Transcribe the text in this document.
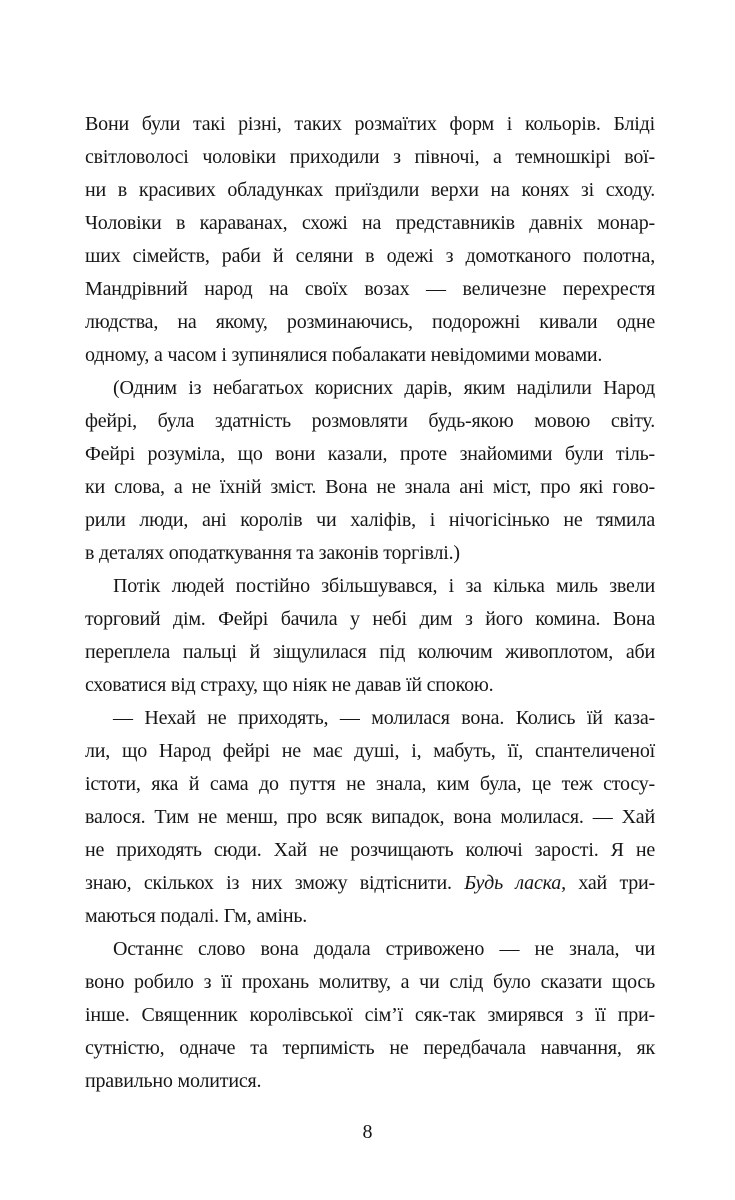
Вони були такі різні, таких розмаїтих форм і кольорів. Бліді
світловолосі чоловіки приходили з півночі, а темношкірі вої-
ни в красивих обладунках приїздили верхи на конях зі сходу.
Чоловіки в караванах, схожі на представників давніх монар-
ших сімейств, раби й селяни в одежі з домотканого полотна,
Мандрівний народ на своїх возах — величезне перехрестя
людства, на якому, розминаючись, подорожні кивали одне
одному, а часом і зупинялися побалакати невідомими мовами.
(Одним із небагатьох корисних дарів, яким наділили Народ
фейрі, була здатність розмовляти будь-якою мовою світу.
Фейрі розуміла, що вони казали, проте знайомими були тіль-
ки слова, а не їхній зміст. Вона не знала ані міст, про які гово-
рили люди, ані королів чи халіфів, і нічогісінько не тямила
в деталях оподаткування та законів торгівлі.)
Потік людей постійно збільшувався, і за кілька миль звели
торговий дім. Фейрі бачила у небі дим з його комина. Вона
переплела пальці й зіщулилася під колючим живоплотом, аби
сховатися від страху, що ніяк не давав їй спокою.
— Нехай не приходять, — молилася вона. Колись їй каза-
ли, що Народ фейрі не має душі, і, мабуть, її, спантеличеної
істоти, яка й сама до пуття не знала, ким була, це теж стосу-
валося. Тим не менш, про всяк випадок, вона молилася. — Хай
не приходять сюди. Хай не розчищають колючі зарості. Я не
знаю, скількох із них зможу відтіснити. Будь ласка, хай три-
маються подалі. Гм, амінь.
Останнє слово вона додала стривожено — не знала, чи
воно робило з її прохань молитву, а чи слід було сказати щось
інше. Священник королівської сім’ї сяк-так змирявся з її при-
сутністю, одначе та терпимість не передбачала навчання, як
правильно молитися.
8
